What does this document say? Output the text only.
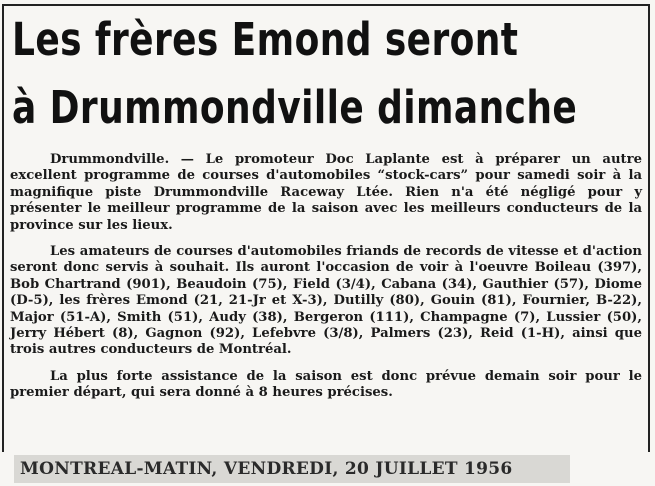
Les frères Emond seront
à Drummondville dimanche

Drummondville. — Le promoteur Doc Laplante est à préparer un autre excellent programme de courses d'automobiles “stock-cars” pour samedi soir à la magnifique piste Drummondville Raceway Ltée. Rien n'a été négligé pour y présenter le meilleur programme de la saison avec les meilleurs conducteurs de la province sur les lieux.

Les amateurs de courses d'automobiles friands de records de vitesse et d'action seront donc servis à souhait. Ils auront l'occasion de voir à l'oeuvre Boileau (397), Bob Chartrand (901), Beaudoin (75), Field (3/4), Cabana (34), Gauthier (57), Diome (D-5), les frères Emond (21, 21-Jr et X-3), Dutilly (80), Gouin (81), Fournier, B-22), Major (51-A), Smith (51), Audy (38), Bergeron (111), Champagne (7), Lussier (50), Jerry Hébert (8), Gagnon (92), Lefebvre (3/8), Palmers (23), Reid (1-H), ainsi que trois autres conducteurs de Montréal.

La plus forte assistance de la saison est donc prévue demain soir pour le premier départ, qui sera donné à 8 heures précises.

MONTREAL-MATIN, VENDREDI, 20 JUILLET 1956
